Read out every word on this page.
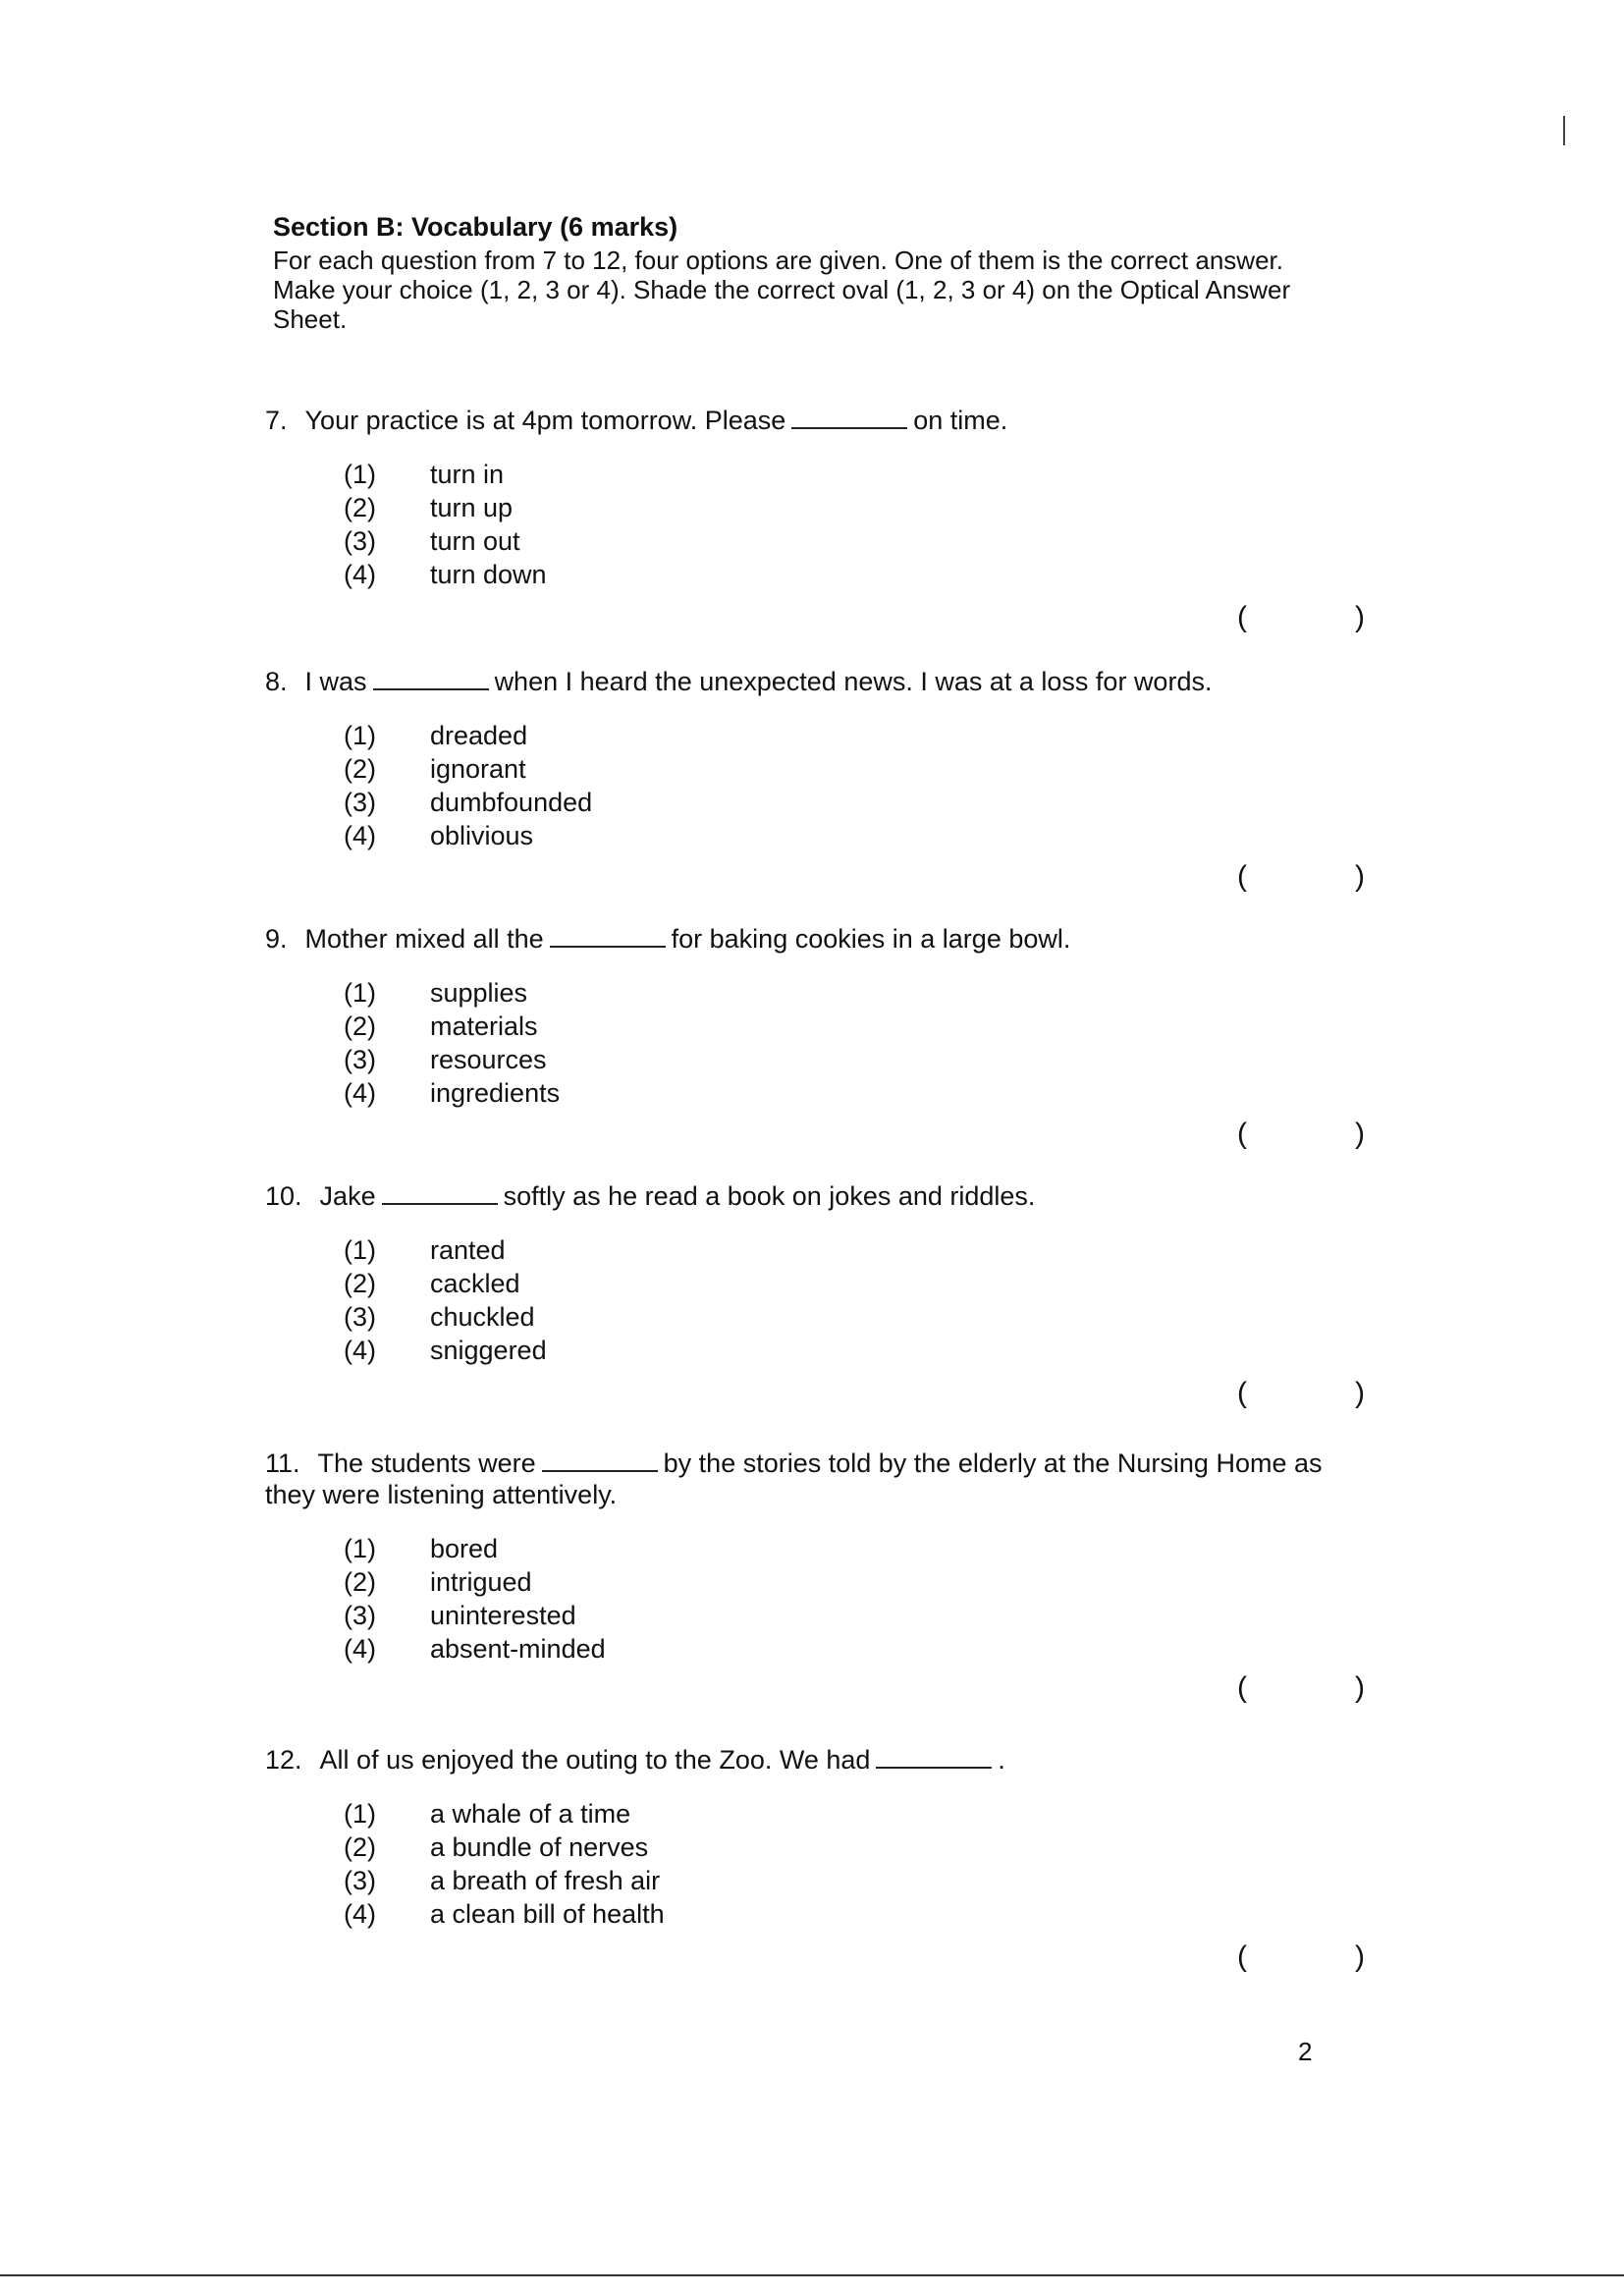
Section B: Vocabulary (6 marks)

For each question from 7 to 12, four options are given. One of them is the correct answer. Make your choice (1, 2, 3 or 4). Shade the correct oval (1, 2, 3 or 4) on the Optical Answer Sheet.

7. Your practice is at 4pm tomorrow. Please	on time.

(1)	turn in
(2)	turn up
(3)	turn out
(4)	turn down
(	)

8. I was	when I heard the unexpected news. I was at a loss for words.

(1)	dreaded
(2)	ignorant
(3)	dumbfounded
(4)	oblivious
(	)

9. Mother mixed all the	for baking cookies in a large bowl.

(1)	supplies
(2)	materials
(3)	resources
(4)	ingredients
(	)

10. Jake	softly as he read a book on jokes and riddles.

(1)	ranted
(2)	cackled
(3)	chuckled
(4)	sniggered
(	)

11. The students were	by the stories told by the elderly at the Nursing Home as they were listening attentively.

(1)	bored
(2)	intrigued
(3)	uninterested
(4)	absent-minded
(	)

12. All of us enjoyed the outing to the Zoo. We had	.

(1)	a whale of a time
(2)	a bundle of nerves
(3)	a breath of fresh air
(4)	a clean bill of health
(	)
2
